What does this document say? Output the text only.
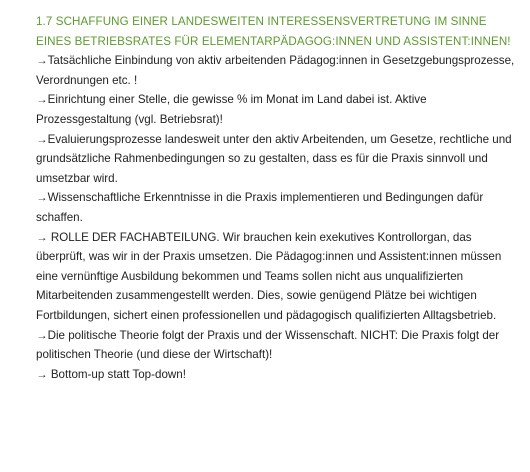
1.7 SCHAFFUNG EINER LANDESWEITEN INTERESSENSVERTRETUNG IM SINNE EINES BETRIEBSRATES FÜR ELEMENTARPÄDAGOG:INNEN UND ASSISTENT:INNEN!

→Tatsächliche Einbindung von aktiv arbeitenden Pädagog:innen in Gesetzgebungsprozesse, Verordnungen etc. !

→Einrichtung einer Stelle, die gewisse % im Monat im Land dabei ist. Aktive Prozessgestaltung (vgl. Betriebsrat)!

→Evaluierungsprozesse landesweit unter den aktiv Arbeitenden, um Gesetze, rechtliche und grundsätzliche Rahmenbedingungen so zu gestalten, dass es für die Praxis sinnvoll und umsetzbar wird.

→Wissenschaftliche Erkenntnisse in die Praxis implementieren und Bedingungen dafür schaffen.

→ ROLLE DER FACHABTEILUNG. Wir brauchen kein exekutives Kontrollorgan, das überprüft, was wir in der Praxis umsetzen. Die Pädagog:innen und Assistent:innen müssen eine vernünftige Ausbildung bekommen und Teams sollen nicht aus unqualifizierten Mitarbeitenden zusammengestellt werden. Dies, sowie genügend Plätze bei wichtigen Fortbildungen, sichert einen professionellen und pädagogisch qualifizierten Alltagsbetrieb.

→Die politische Theorie folgt der Praxis und der Wissenschaft. NICHT: Die Praxis folgt der politischen Theorie (und diese der Wirtschaft)!

→ Bottom-up statt Top-down!
